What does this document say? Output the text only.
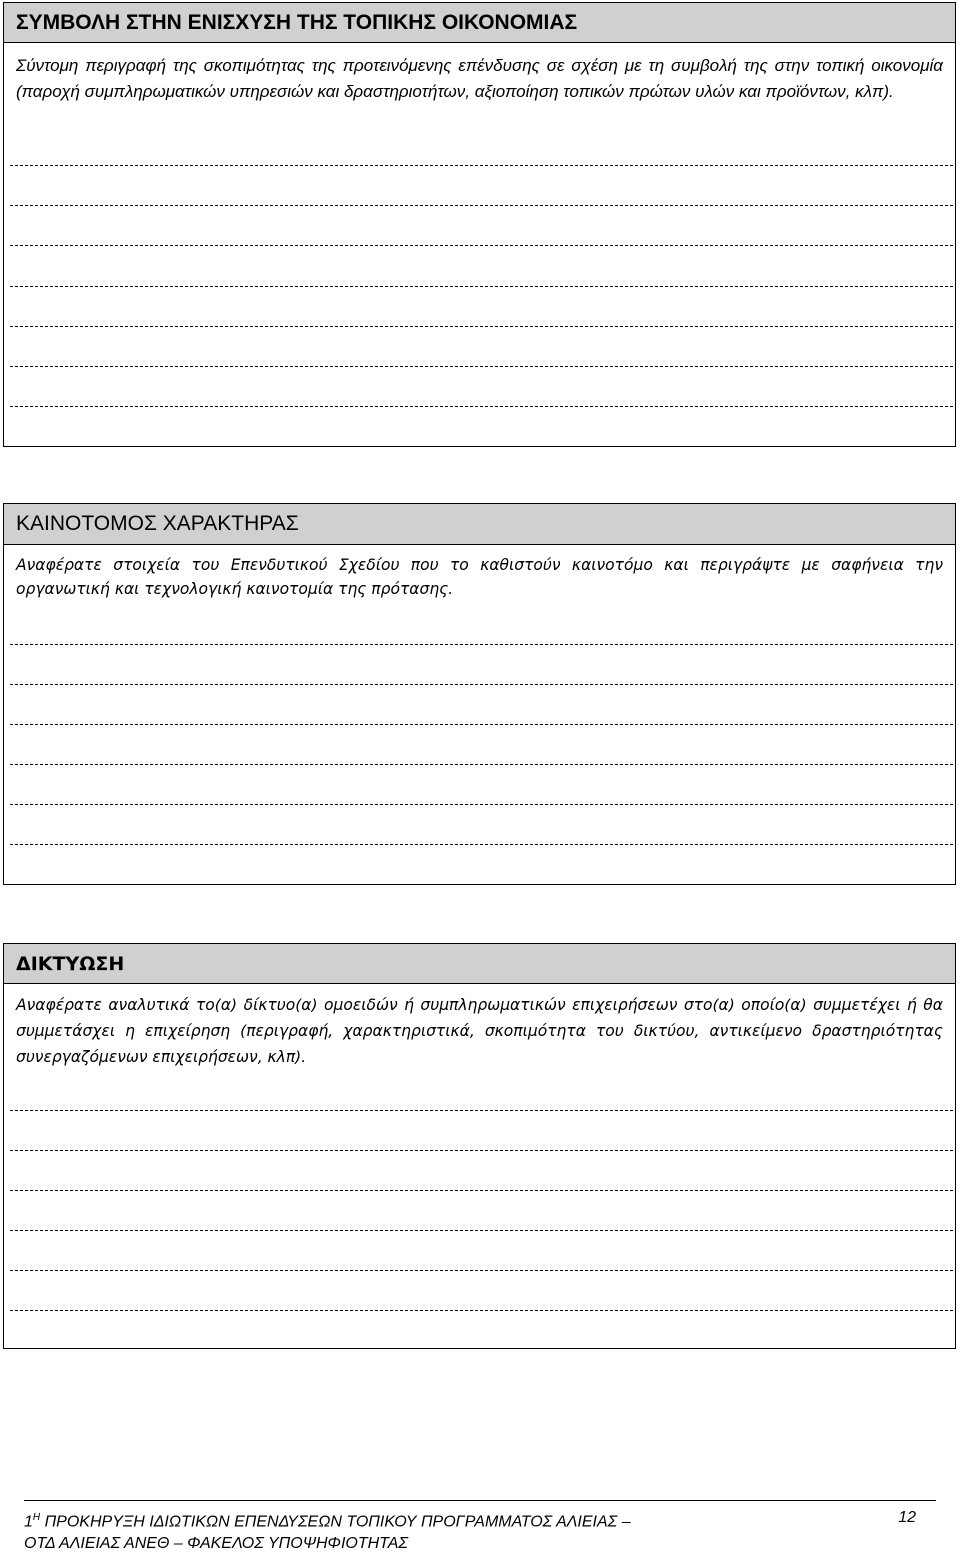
ΣΥΜΒΟΛΗ ΣΤΗΝ ΕΝΙΣΧΥΣΗ ΤΗΣ ΤΟΠΙΚΗΣ ΟΙΚΟΝΟΜΙΑΣ
Σύντομη περιγραφή της σκοπιμότητας της προτεινόμενης επένδυσης σε σχέση με τη συμβολή της στην τοπική οικονομία (παροχή συμπληρωματικών υπηρεσιών και δραστηριοτήτων, αξιοποίηση τοπικών πρώτων υλών και προϊόντων, κλπ).
ΚΑΙΝΟΤΟΜΟΣ ΧΑΡΑΚΤΗΡΑΣ
Αναφέρατε στοιχεία του Επενδυτικού Σχεδίου που το καθιστούν καινοτόμο και περιγράψτε με σαφήνεια την οργανωτική και τεχνολογική καινοτομία της πρότασης.
ΔΙΚΤΥΩΣΗ
Αναφέρατε αναλυτικά το(α) δίκτυο(α) ομοειδών ή συμπληρωματικών επιχειρήσεων στο(α) οποίο(α) συμμετέχει ή θα συμμετάσχει η επιχείρηση (περιγραφή, χαρακτηριστικά, σκοπιμότητα του δικτύου, αντικείμενο δραστηριότητας συνεργαζόμενων επιχειρήσεων, κλπ).
$1^H$ ΠΡΟΚΗΡΥΞΗ ΙΔΙΩΤΙΚΩΝ ΕΠΕΝΔΥΣΕΩΝ ΤΟΠΙΚΟΥ ΠΡΟΓΡΑΜΜΑΤΟΣ ΑΛΙΕΙΑΣ –	12
ΟΤΔ ΑΛΙΕΙΑΣ ΑΝΕΘ – ΦΑΚΕΛΟΣ ΥΠΟΨΗΦΙΟΤΗΤΑΣ
